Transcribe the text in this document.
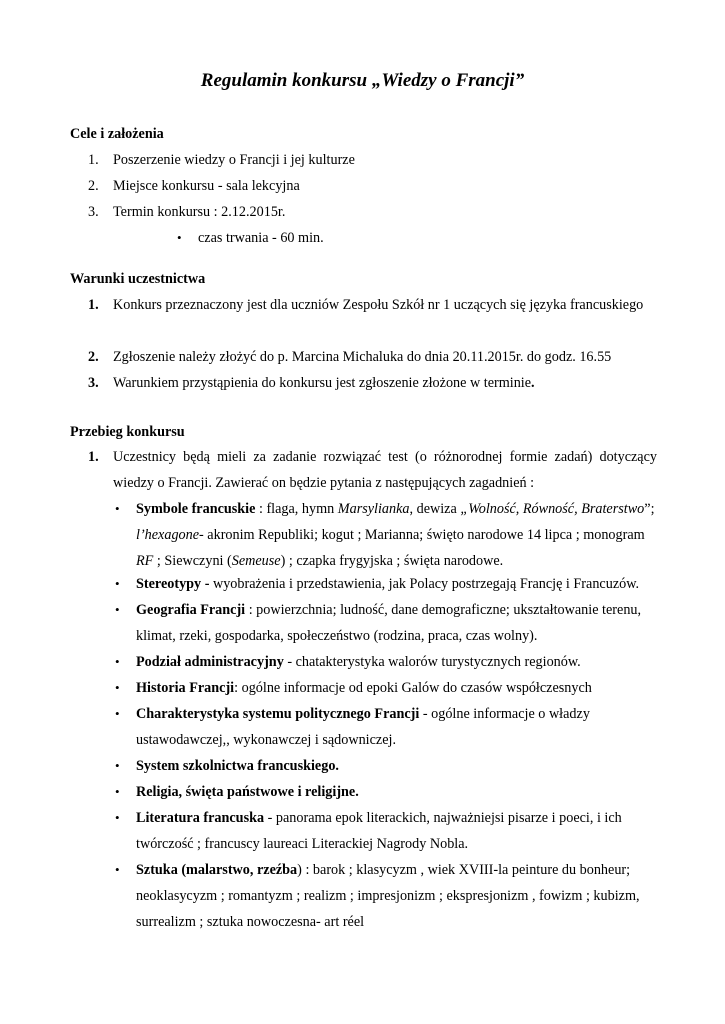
Regulamin konkursu „Wiedzy o Francji”
Cele i założenia
1. Poszerzenie wiedzy o Francji i jej kulturze
2. Miejsce konkursu - sala lekcyjna
3. Termin konkursu : 2.12.2015r.
• czas trwania - 60 min.
Warunki uczestnictwa
1. Konkurs przeznaczony jest dla uczniów Zespołu Szkół nr 1 uczących się języka francuskiego
2. Zgłoszenie należy złożyć do p. Marcina Michaluka do dnia 20.11.2015r. do godz. 16.55
3. Warunkiem przystąpienia do konkursu jest zgłoszenie złożone w terminie.
Przebieg konkursu
1. Uczestnicy będą mieli za zadanie rozwiązać test (o różnorodnej formie zadań) dotyczący wiedzy o Francji. Zawierać on będzie pytania z następujących zagadnień :
• Symbole francuskie : flaga, hymn Marsylianka, dewiza „Wolność, Równość, Braterstwo”; l’hexagone- akronim Republiki; kogut ; Marianna; święto narodowe 14 lipca ; monogram RF ; Siewczyni (Semeuse) ; czapka frygyjska ; święta narodowe.
• Stereotypy - wyobrażenia i przedstawienia, jak Polacy postrzegają Francję i Francuzów.
• Geografia Francji : powierzchnia; ludność, dane demograficzne; ukształtowanie terenu, klimat, rzeki, gospodarka, społeczeństwo (rodzina, praca, czas wolny).
• Podział administracyjny - chatakterystyka walorów turystycznych regionów.
• Historia Francji: ogólne informacje od epoki Galów do czasów współczesnych
• Charakterystyka systemu politycznego Francji - ogólne informacje o władzy ustawodawczej,, wykonawczej i sądowniczej.
• System szkolnictwa francuskiego.
• Religia, święta państwowe i religijne.
• Literatura francuska - panorama epok literackich, najważniejsi pisarze i poeci, i ich twórczość ; francuscy laureaci Literackiej Nagrody Nobla.
• Sztuka (malarstwo, rzeźba) : barok ; klasycyzm , wiek XVIII-la peinture du bonheur; neoklasycyzm ; romantyzm ; realizm ; impresjonizm ; ekspresjonizm , fowizm ; kubizm, surrealizm ; sztuka nowoczesna- art réel
